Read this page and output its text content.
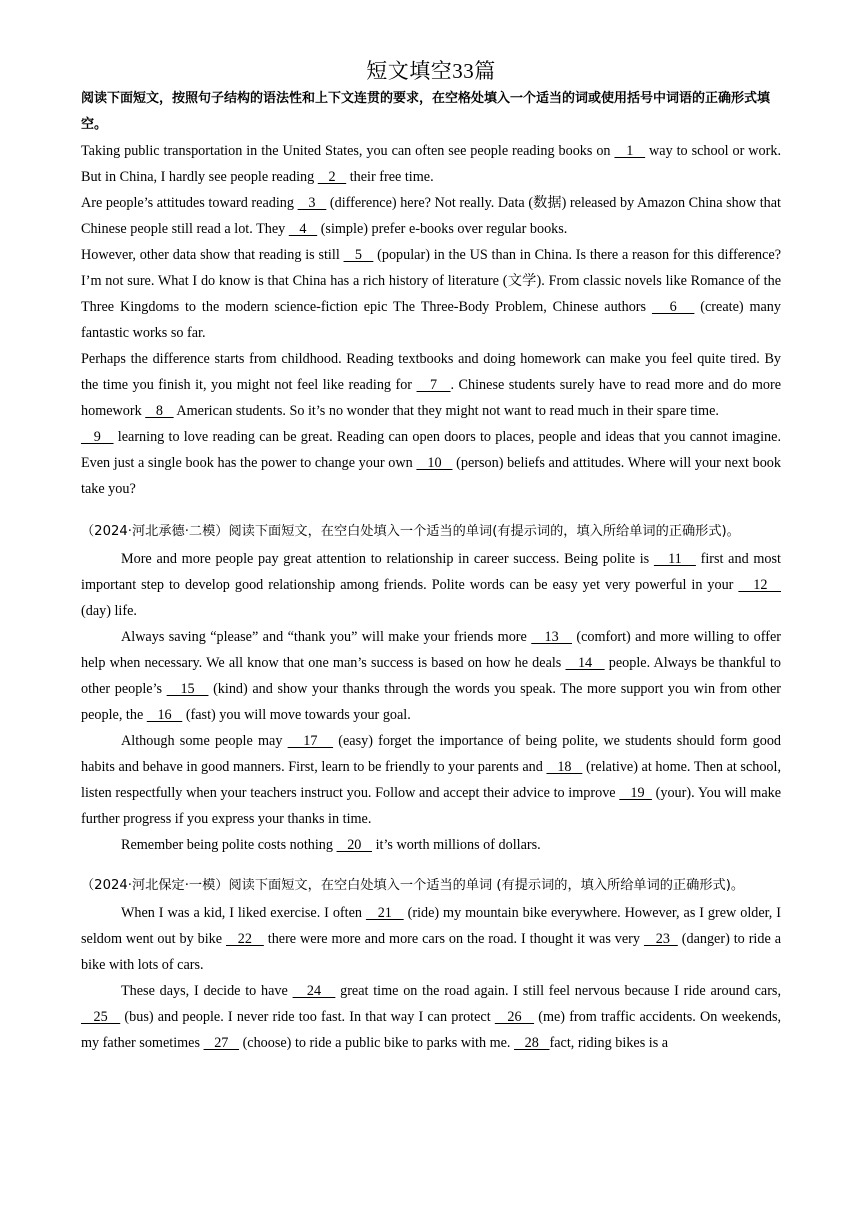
短文填空33篇

阅读下面短文，按照句子结构的语法性和上下文连贯的要求，在空格处填入一个适当的词或使用括号中词语的正确形式填空。

Taking public transportation in the United States, you can often see people reading books on    1    way to school or work. But in China, I hardly see people reading    2    their free time.

Are people’s attitudes toward reading    3    (difference) here? Not really. Data (数据) released by Amazon China show that Chinese people still read a lot. They    4    (simple) prefer e-books over regular books.

However, other data show that reading is still    5    (popular) in the US than in China. Is there a reason for this difference? I’m not sure. What I do know is that China has a rich history of literature (文学). From classic novels like Romance of the Three Kingdoms to the modern science-fiction epic The Three-Body Problem, Chinese authors    6    (create) many fantastic works so far.

Perhaps the difference starts from childhood. Reading textbooks and doing homework can make you feel quite tired. By the time you finish it, you might not feel like reading for    7   . Chinese students surely have to read more and do more homework    8    American students. So it’s no wonder that they might not want to read much in their spare time.

9    learning to love reading can be great. Reading can open doors to places, people and ideas that you cannot imagine. Even just a single book has the power to change your own    10    (person) beliefs and attitudes. Where will your next book take you?

（2024·河北承德·二模）阅读下面短文，在空白处填入一个适当的单词(有提示词的，填入所给单词的正确形式)。

More and more people pay great attention to relationship in career success. Being polite is    11    first and most important step to develop good relationship among friends. Polite words can be easy yet very powerful in your    12    (day) life.

Always saving “please” and “thank you” will make your friends more    13    (comfort) and more willing to offer help when necessary. We all know that one man’s success is based on how he deals    14    people. Always be thankful to other people’s    15    (kind) and show your thanks through the words you speak. The more support you win from other people, the    16    (fast) you will move towards your goal.

Although some people may    17    (easy) forget the importance of being polite, we students should form good habits and behave in good manners. First, learn to be friendly to your parents and    18    (relative) at home. Then at school, listen respectfully when your teachers instruct you. Follow and accept their advice to improve    19   (your). You will make further progress if you express your thanks in time.

Remember being polite costs nothing    20    it’s worth millions of dollars.

（2024·河北保定·一模）阅读下面短文，在空白处填入一个适当的单词 (有提示词的，填入所给单词的正确形式)。

When I was a kid, I liked exercise. I often    21    (ride) my mountain bike everywhere. However, as I grew older, I seldom went out by bike    22    there were more and more cars on the road. I thought it was very    23   (danger) to ride a bike with lots of cars.

These days, I decide to have    24    great time on the road again. I still feel nervous because I ride around cars,    25    (bus) and people. I never ride too fast. In that way I can protect    26    (me) from traffic accidents. On weekends, my father sometimes    27    (choose) to ride a public bike to parks with me.    28   fact, riding bikes is a
